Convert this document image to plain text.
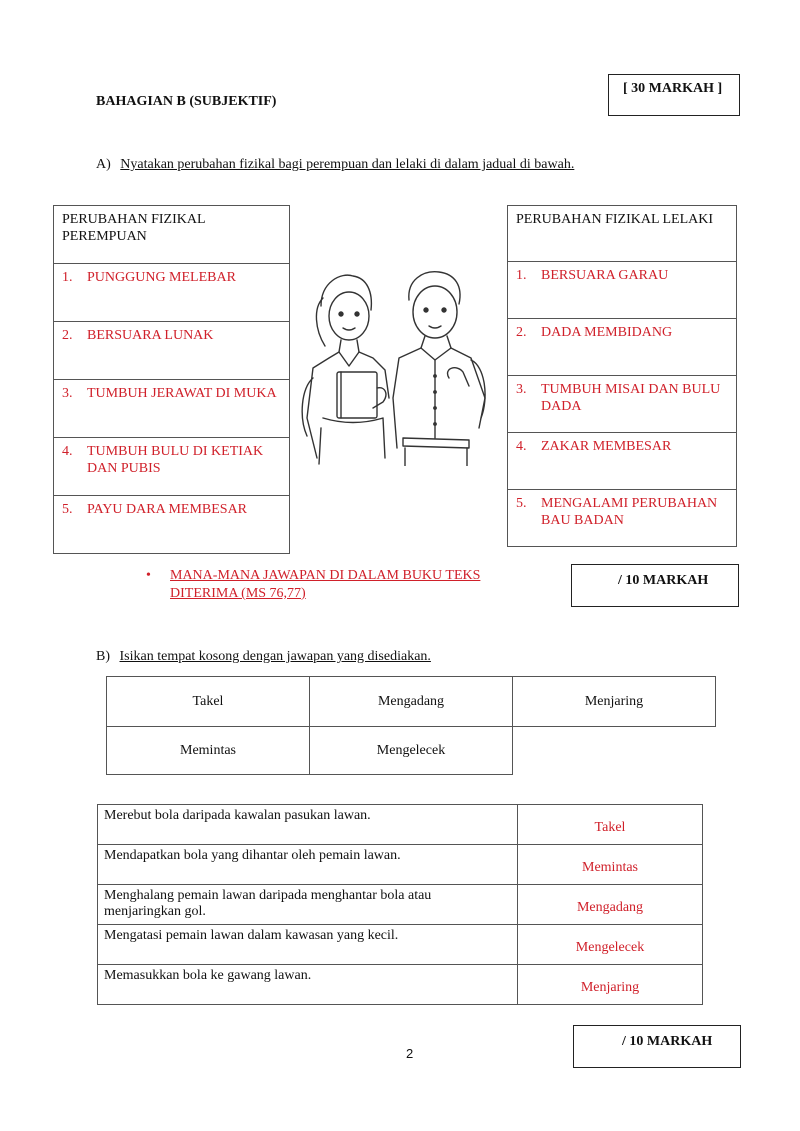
BAHAGIAN B (SUBJEKTIF)
[ 30 MARKAH ]
A) Nyatakan perubahan fizikal bagi perempuan dan lelaki di dalam jadual di bawah.
PERUBAHAN FIZIKAL PEREMPUAN

1.	PUNGGUNG MELEBAR

2.	BERSUARA LUNAK

3.	TUMBUH JERAWAT DI MUKA

4.	TUMBUH BULU DI KETIAK DAN PUBIS

5.	PAYU DARA MEMBESAR
PERUBAHAN FIZIKAL LELAKI

1.	BERSUARA GARAU

2.	DADA MEMBIDANG

3.	TUMBUH MISAI DAN BULU DADA

4.	ZAKAR MEMBESAR

5.	MENGALAMI PERUBAHAN BAU BADAN
•	MANA-MANA JAWAPAN DI DALAM BUKU TEKS DITERIMA (MS 76,77)
/ 10 MARKAH
B) Isikan tempat kosong dengan jawapan yang disediakan.
Takel	Mengadang	Menjaring
Memintas	Mengelecek	
Merebut bola daripada kawalan pasukan lawan.	Takel
Mendapatkan bola yang dihantar oleh pemain lawan.	Memintas
Menghalang pemain lawan daripada menghantar bola atau menjaringkan gol.	Mengadang
Mengatasi pemain lawan dalam kawasan yang kecil.	Mengelecek
Memasukkan bola ke gawang lawan.	Menjaring
/ 10 MARKAH
2
